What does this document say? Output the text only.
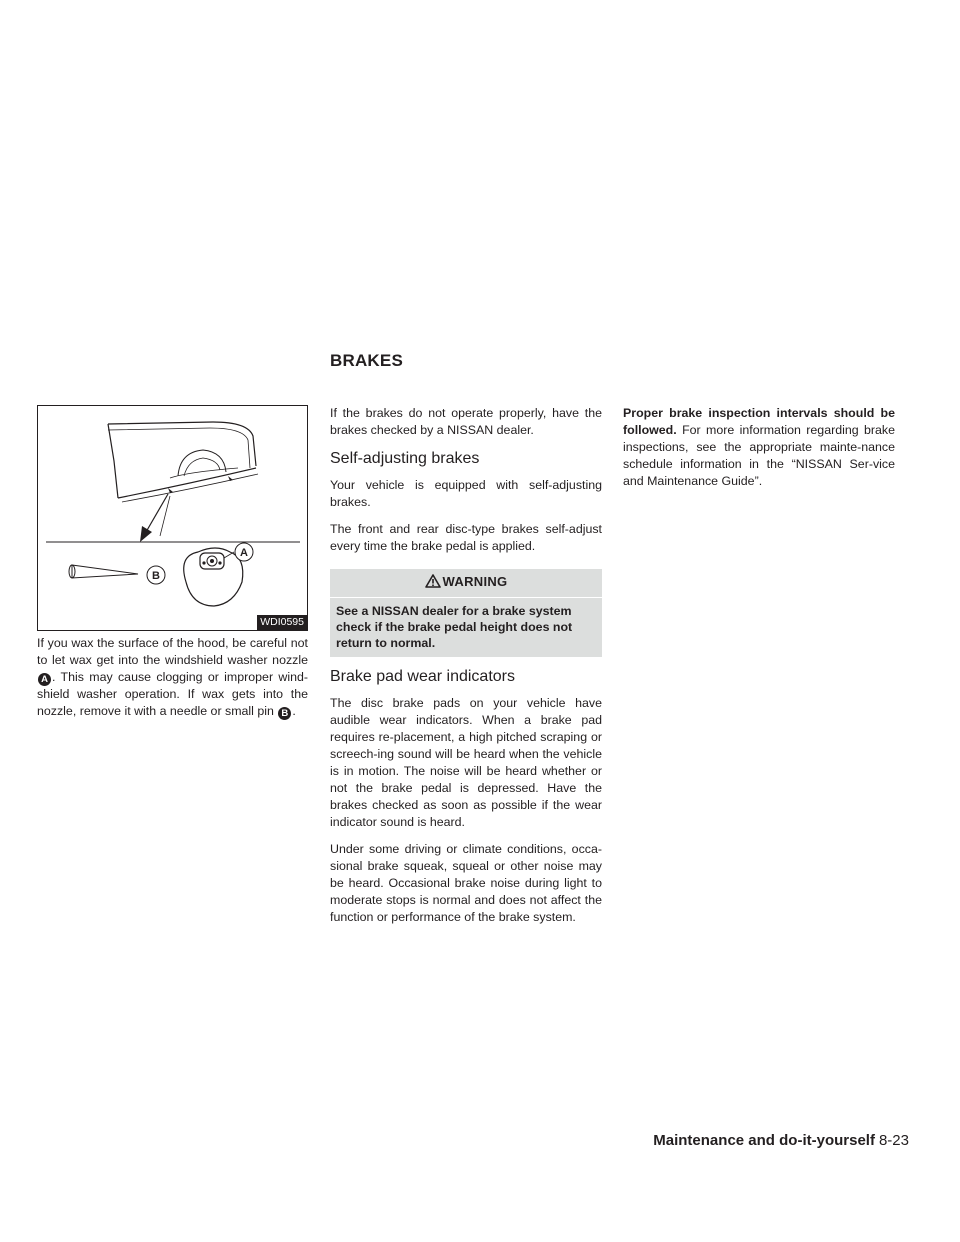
BRAKES
B
A
WDI0595

If you wax the surface of the hood, be careful not to let wax get into the windshield washer nozzle A . This may cause clogging or improper wind-shield washer operation. If wax gets into the nozzle, remove it with a needle or small pin B .

If the brakes do not operate properly, have the brakes checked by a NISSAN dealer.

Self-adjusting brakes

Your vehicle is equipped with self-adjusting brakes.

The front and rear disc-type brakes self-adjust every time the brake pedal is applied.

WARNING
See a NISSAN dealer for a brake system check if the brake pedal height does not return to normal.
Brake pad wear indicators

The disc brake pads on your vehicle have audible wear indicators. When a brake pad requires re-placement, a high pitched scraping or screech-ing sound will be heard when the vehicle is in motion. The noise will be heard whether or not the brake pedal is depressed. Have the brakes checked as soon as possible if the wear indicator sound is heard.

Under some driving or climate conditions, occa-sional brake squeak, squeal or other noise may be heard. Occasional brake noise during light to moderate stops is normal and does not affect the function or performance of the brake system.

Proper brake inspection intervals should be followed. For more information regarding brake inspections, see the appropriate mainte-nance schedule information in the “NISSAN Ser-vice and Maintenance Guide”.

Maintenance and do-it-yourself 8-23
